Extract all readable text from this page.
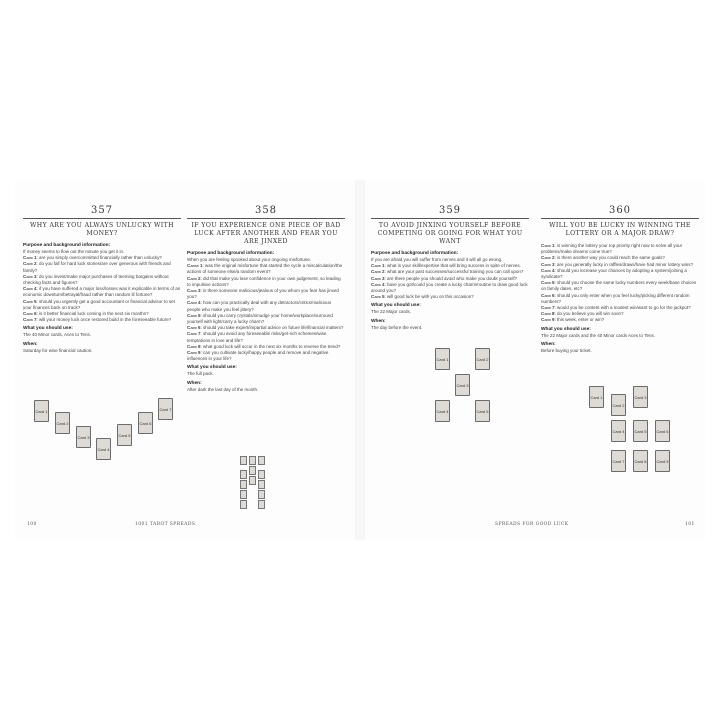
357
WHY ARE YOU ALWAYS UNLUCKY WITH MONEY?
Purpose and background information:
If money seems to flow out the minute you get it in.
Card 1: are you simply overcommitted financially rather than unlucky?
Card 2: do you fall for hard luck stories/are over generous with friends and family?
Card 3: do you invest/make major purchases of teeming bargains without checking facts and figures?
Card 4: if you have suffered a major loss/losses was it explicable in terms of an economic downturn/betrayal/fraud rather than random ill fortune?
Card 5: should you urgently get a good accountant or financial advisor to set your finances back on track?
Card 6: is it better financial luck coming in the next six months?
Card 7: will your money luck once restored build in the foreseeable future?
What you should use:
The 40 Minor cards, Aces to Tens.
When:
Saturday for wise financial caution.
Card 1
Card 2
Card 3
Card 4
Card 5
Card 6
Card 7
358
IF YOU EXPERIENCE ONE PIECE OF BAD LUCK AFTER ANOTHER AND FEAR YOU ARE JINXED
Purpose and background information:
When you are feeling spooked about your ongoing misfortune.
Cards 1: was the original misfortune that started the cycle a miscalculation/the actions of someone else/a random event?
Card 2: did that make you lose confidence in your own judgement, so leading to impulsive actions?
Card 3: is there someone malicious/jealous of you whom you fear has jinxed you?
Card 4: how can you practically deal with any detractors/critics/malicious people who make you feel jittery?
Card 5: should you carry crystals/smudge your home/workplace/surround yourself with light/carry a lucky charm?
Card 6: should you take expert/impartial advice on future life/financial matters?
Card 7: should you avoid any foreseeable risks/get-rich schemes/wise temptations in love and life?
Card 8: what good luck will occur in the next six months to reverse the trend?
Card 9: can you cultivate lucky/happy people and remove and negative influences in your life?
What you should use:
The full pack.
When:
After dark the last day of the month.
100	1001 TAROT SPREADS
359
TO AVOID JINXING YOURSELF BEFORE COMPETING OR GOING FOR WHAT YOU WANT
Purpose and background information:
If you are afraid you will suffer from nerves and it will all go wrong.
Card 1: what is your skill/expertise that will bring success in spite of nerves.
Card 2: what are your past successes/successful training you can call upon?
Card 3: are there people you should avoid who make you doubt yourself?
Card 4: have you got/could you create a lucky charm/routine to draw good luck around you?
Card 5: will good luck be with you on this occasion?
What you should use:
The 22 Major cards.
When:
The day before the event.
Card 1	Card 2
Card 3
Card 4	Card 5
360
WILL YOU BE LUCKY IN WINNING THE LOTTERY OR A MAJOR DRAW?
Card 1: is winning the lottery your top priority right now to solve all your problems/make dreams come true?
Card 2: is there another way you could reach the same goals?
Card 3: are you generally lucky in raffles/draws/have had minor lottery wins?
Card 4: should you increase your chances by adopting a system/joining a syndicate?
Card 5: should you choose the same lucky numbers every week/base choices on family dates, etc?
Card 6: should you only enter when you feel lucky/picking different random numbers?
Card 7: would you be content with a modest win/want to go for the jackpot?
Card 8: do you believe you will win soon?
Card 9: this week, enter or win?
What you should use:
The 22 Major cards and the 40 Minor cards Aces to Tens.
When:
Before buying your ticket.
Card 1
Card 2
Card 3
Card 4	Card 5	Card 6
Card 7	Card 8	Card 9
SPREADS FOR GOOD LUCK	101
